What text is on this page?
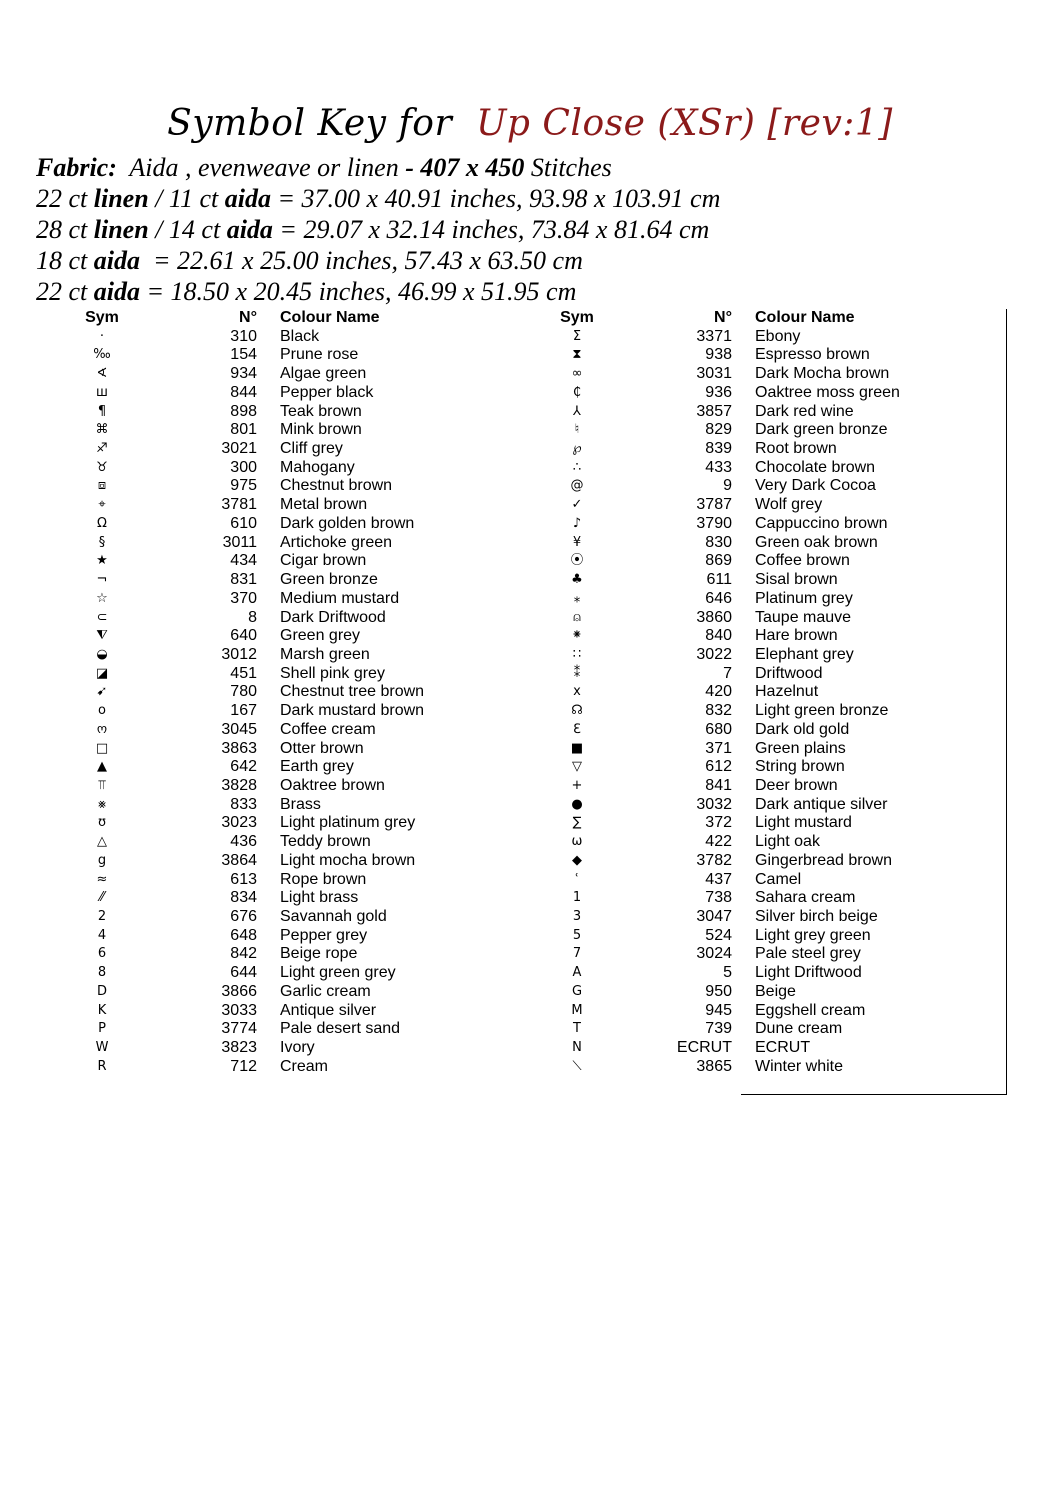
Symbol Key for Up Close (XSr) [rev:1]
Fabric: Aida , evenweave or linen - 407 x 450 Stitches
22 ct linen / 11 ct aida = 37.00 x 40.91 inches, 93.98 x 103.91 cm
28 ct linen / 14 ct aida = 29.07 x 32.14 inches, 73.84 x 81.64 cm
18 ct aida  = 22.61 x 25.00 inches, 57.43 x 63.50 cm
22 ct aida = 18.50 x 20.45 inches, 46.99 x 51.95 cm
Sym	N° Colour Name
·	310 Black
‰	154 Prune rose
∢	934 Algae green
ш	844 Pepper black
¶	898 Teak brown
⌘	801 Mink brown
♐	3021 Cliff grey
♉	300 Mahogany
⧈	975 Chestnut brown
⌖	3781 Metal brown
Ω	610 Dark golden brown
§	3011 Artichoke green
★	434 Cigar brown
¬	831 Green bronze
☆	370 Medium mustard
⊂	8 Dark Driftwood
⧨	640 Green grey
◒	3012 Marsh green
◪	451 Shell pink grey
➹	780 Chestnut tree brown
o	167 Dark mustard brown
ო	3045 Coffee cream
□	3863 Otter brown
▲	642 Earth grey
⫪	3828 Oaktree brown
⨳	833 Brass
ʊ	3023 Light platinum grey
△	436 Teddy brown
g	3864 Light mocha brown
≈	613 Rope brown
⁄⁄	834 Light brass
2	676 Savannah gold
4	648 Pepper grey
6	842 Beige rope
8	644 Light green grey
D	3866 Garlic cream
K	3033 Antique silver
P	3774 Pale desert sand
W	3823 Ivory
R	712 Cream
Sym	N° Colour Name
Σ	3371 Ebony
⧗	938 Espresso brown
∞	3031 Dark Mocha brown
₵	936 Oaktree moss green
⅄	3857 Dark red wine
♮	829 Dark green bronze
℘	839 Root brown
∴	433 Chocolate brown
@	9 Very Dark Cocoa
✓	3787 Wolf grey
♪	3790 Cappuccino brown
¥	830 Green oak brown
⦿	869 Coffee brown
♣	611 Sisal brown
⁎	646 Platinum grey
⍝	3860 Taupe mauve
⁕	840 Hare brown
∷	3022 Elephant grey
⁑	7 Driftwood
x	420 Hazelnut
☊	832 Light green bronze
ℇ	680 Dark old gold
■	371 Green plains
▽	612 String brown
+	841 Deer brown
●	3032 Dark antique silver
∑	372 Light mustard
ω	422 Light oak
◆	3782 Gingerbread brown
ʿ	437 Camel
1	738 Sahara cream
3	3047 Silver birch beige
5	524 Light grey green
7	3024 Pale steel grey
A	5 Light Driftwood
G	950 Beige
M	945 Eggshell cream
T	739 Dune cream
N	ECRUT ECRUT
⟍	3865 Winter white
